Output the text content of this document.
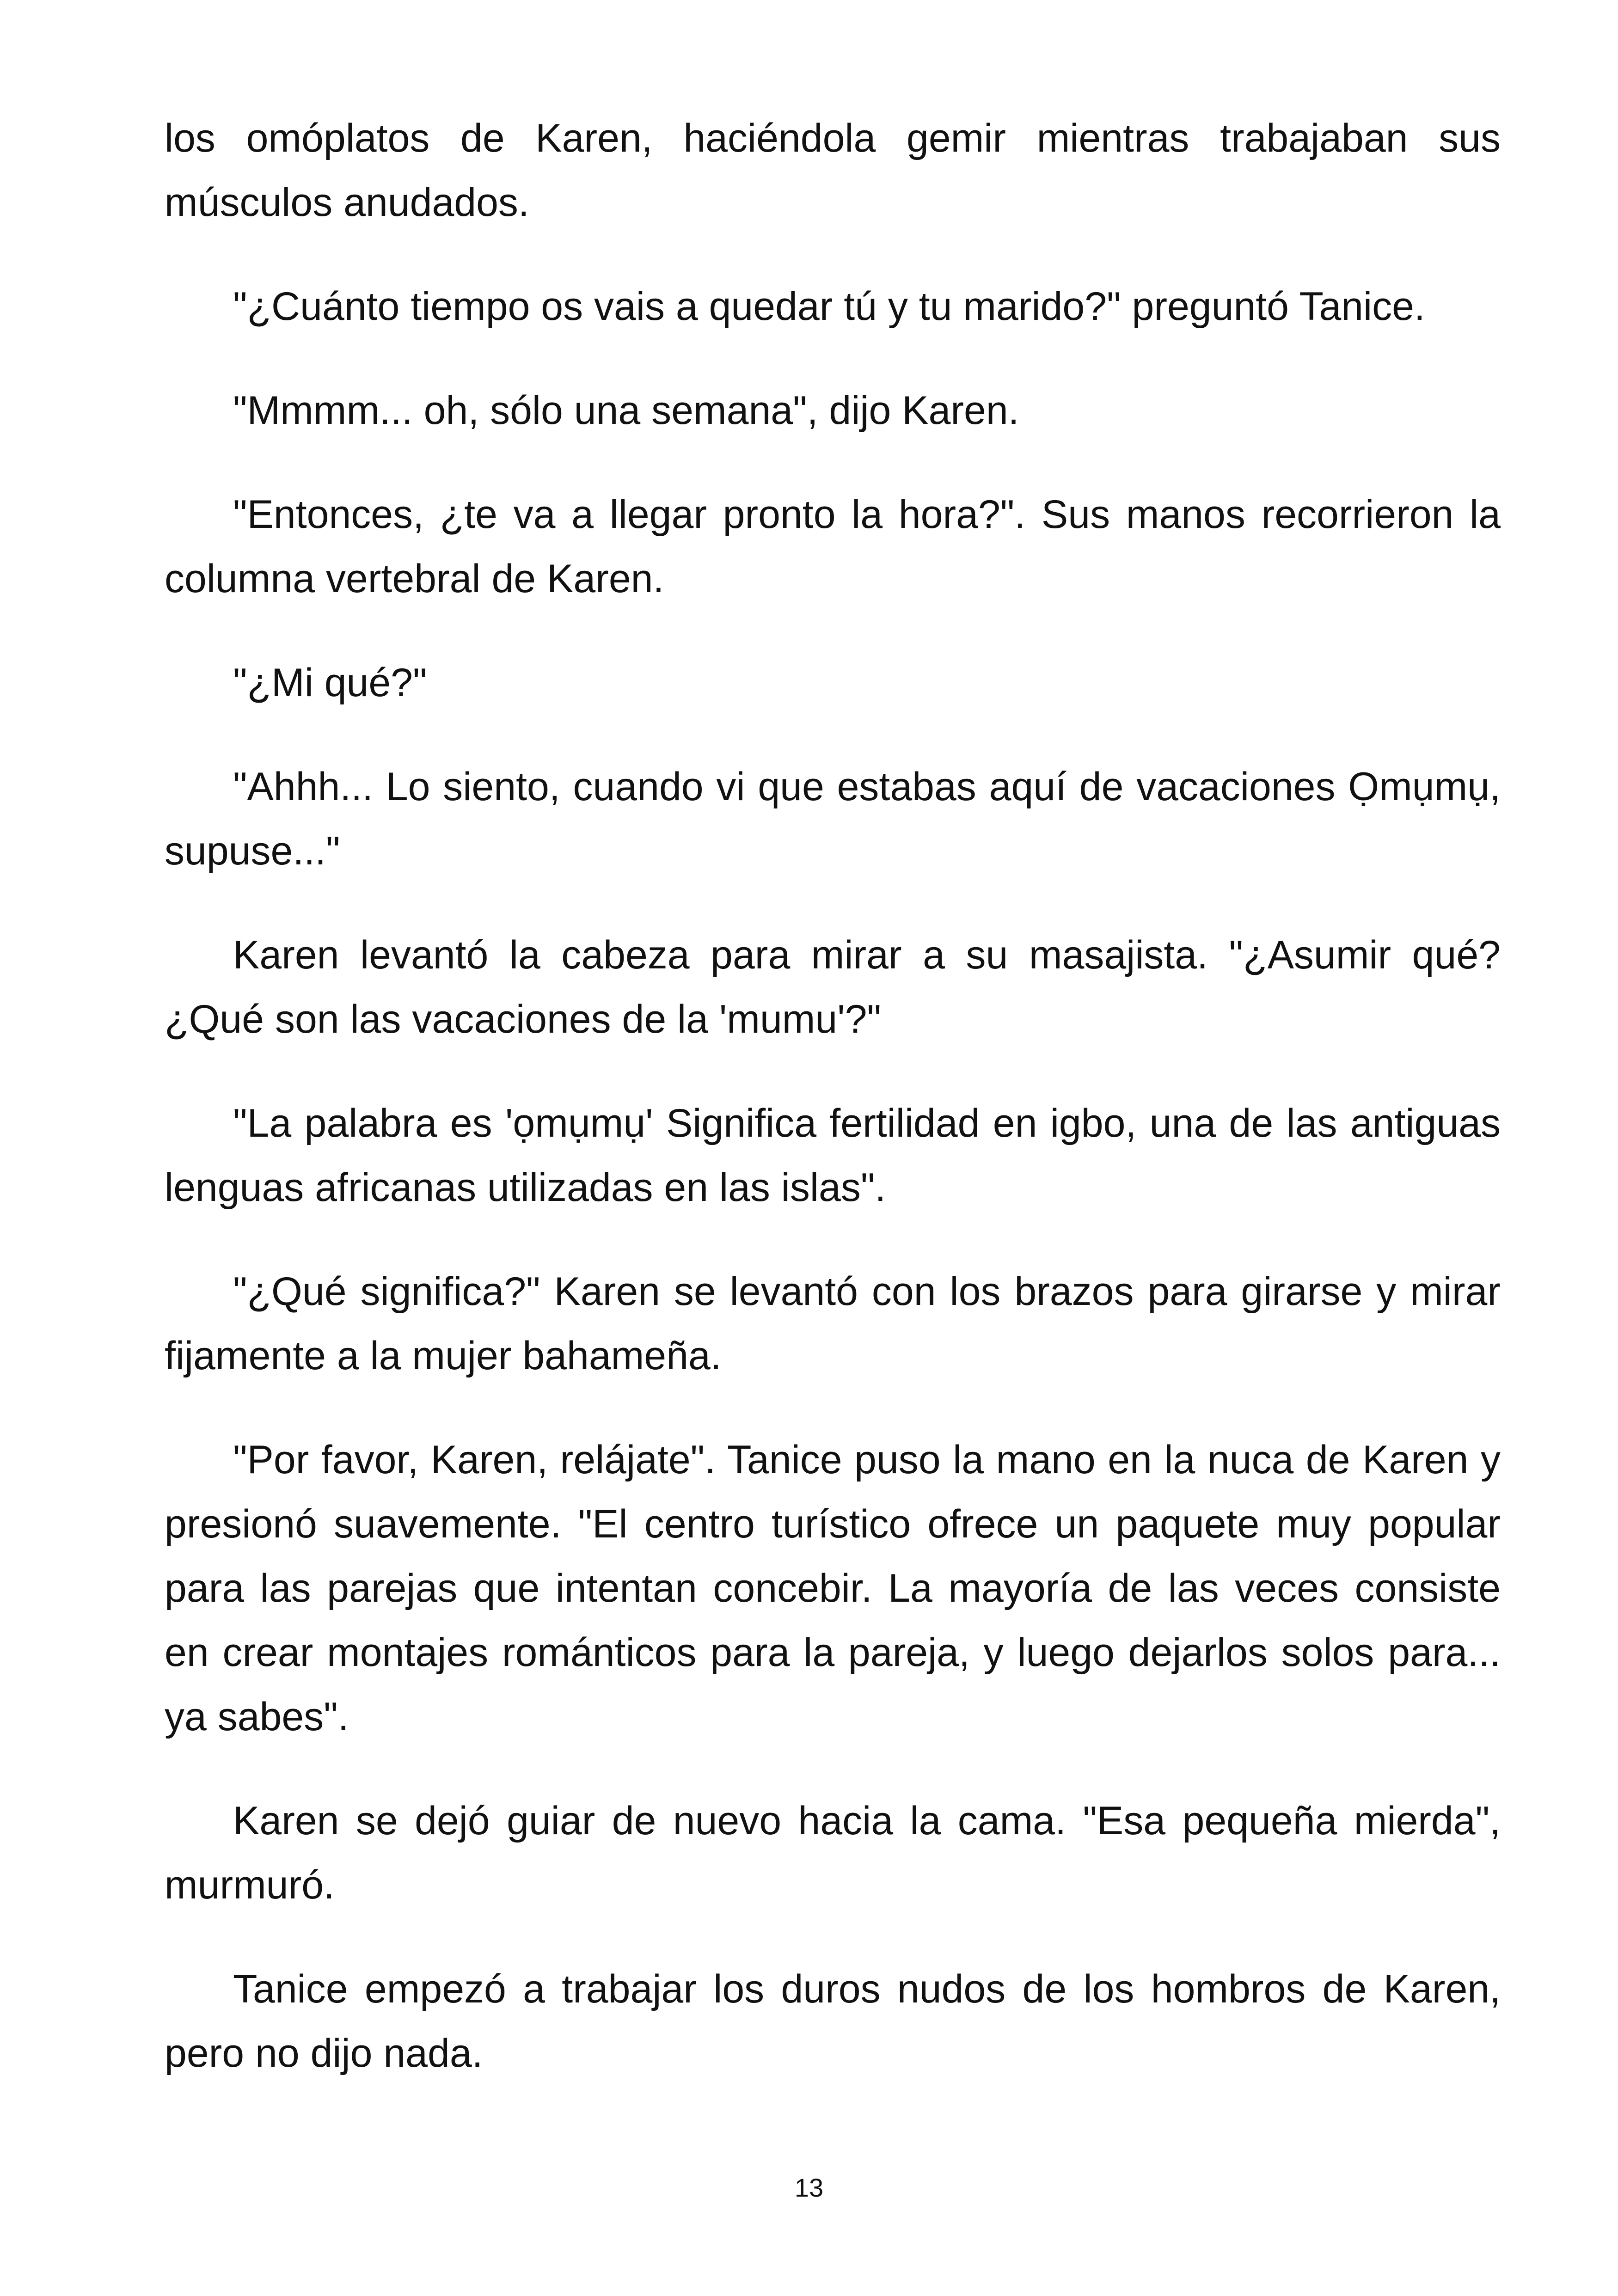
los omóplatos de Karen, haciéndola gemir mientras trabajaban sus músculos anudados.

"¿Cuánto tiempo os vais a quedar tú y tu marido?" preguntó Tanice.

"Mmmm... oh, sólo una semana", dijo Karen.

"Entonces, ¿te va a llegar pronto la hora?". Sus manos recorrieron la columna vertebral de Karen.

"¿Mi qué?"

"Ahhh... Lo siento, cuando vi que estabas aquí de vacaciones Ọmụmụ, supuse..."

Karen levantó la cabeza para mirar a su masajista. "¿Asumir qué? ¿Qué son las vacaciones de la 'mumu'?"

"La palabra es 'ọmụmụ' Significa fertilidad en igbo, una de las antiguas lenguas africanas utilizadas en las islas".

"¿Qué significa?" Karen se levantó con los brazos para girarse y mirar fijamente a la mujer bahameña.

"Por favor, Karen, relájate". Tanice puso la mano en la nuca de Karen y presionó suavemente. "El centro turístico ofrece un paquete muy popular para las parejas que intentan concebir. La mayoría de las veces consiste en crear montajes románticos para la pareja, y luego dejarlos solos para... ya sabes".

Karen se dejó guiar de nuevo hacia la cama. "Esa pequeña mierda", murmuró.

Tanice empezó a trabajar los duros nudos de los hombros de Karen, pero no dijo nada.

13
